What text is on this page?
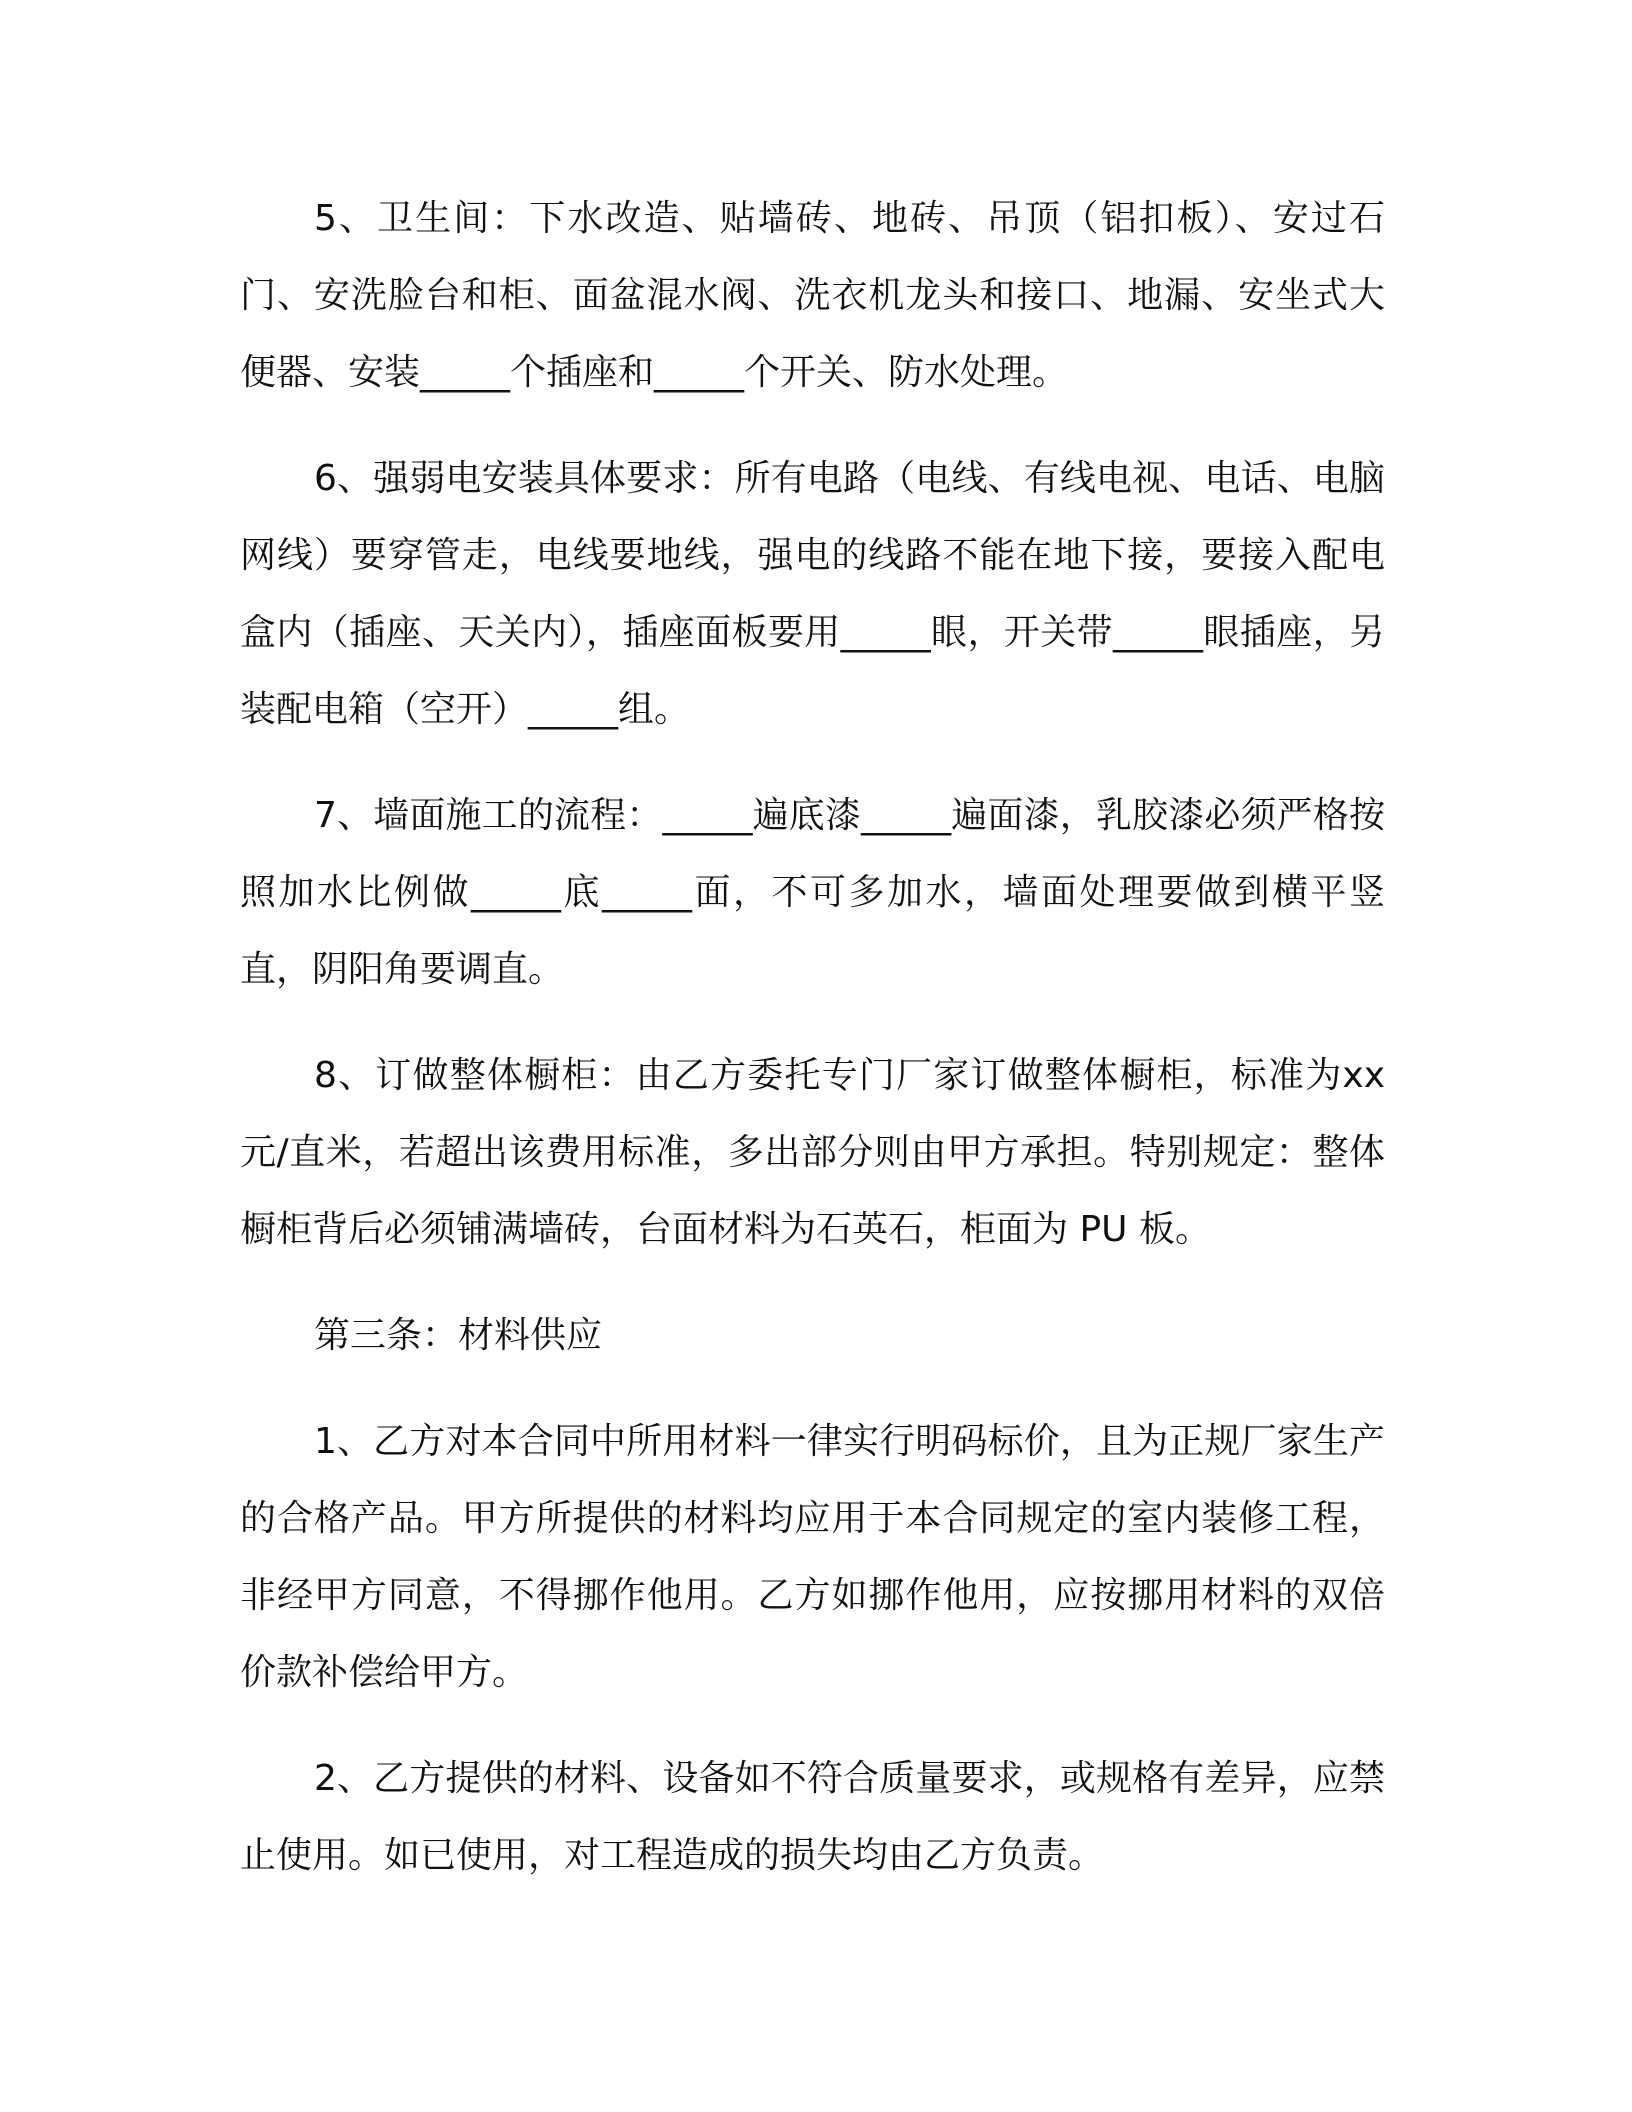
5、卫生间：下水改造、贴墙砖、地砖、吊顶（铝扣板）、安过石门、安洗脸台和柜、面盆混水阀、洗衣机龙头和接口、地漏、安坐式大便器、安装_____个插座和_____个开关、防水处理。

6、强弱电安装具体要求：所有电路（电线、有线电视、电话、电脑网线）要穿管走，电线要地线，强电的线路不能在地下接，要接入配电盒内（插座、天关内），插座面板要用_____眼，开关带_____眼插座，另装配电箱（空开）_____组。

7、墙面施工的流程：_____遍底漆_____遍面漆，乳胶漆必须严格按照加水比例做_____底_____面，不可多加水，墙面处理要做到横平竖直，阴阳角要调直。

8、订做整体橱柜：由乙方委托专门厂家订做整体橱柜，标准为xx 元/直米，若超出该费用标准，多出部分则由甲方承担。特别规定：整体橱柜背后必须铺满墙砖，台面材料为石英石，柜面为 PU 板。

第三条：材料供应

1、乙方对本合同中所用材料一律实行明码标价，且为正规厂家生产的合格产品。甲方所提供的材料均应用于本合同规定的室内装修工程，非经甲方同意，不得挪作他用。乙方如挪作他用，应按挪用材料的双倍价款补偿给甲方。

2、乙方提供的材料、设备如不符合质量要求，或规格有差异，应禁止使用。如已使用，对工程造成的损失均由乙方负责。
